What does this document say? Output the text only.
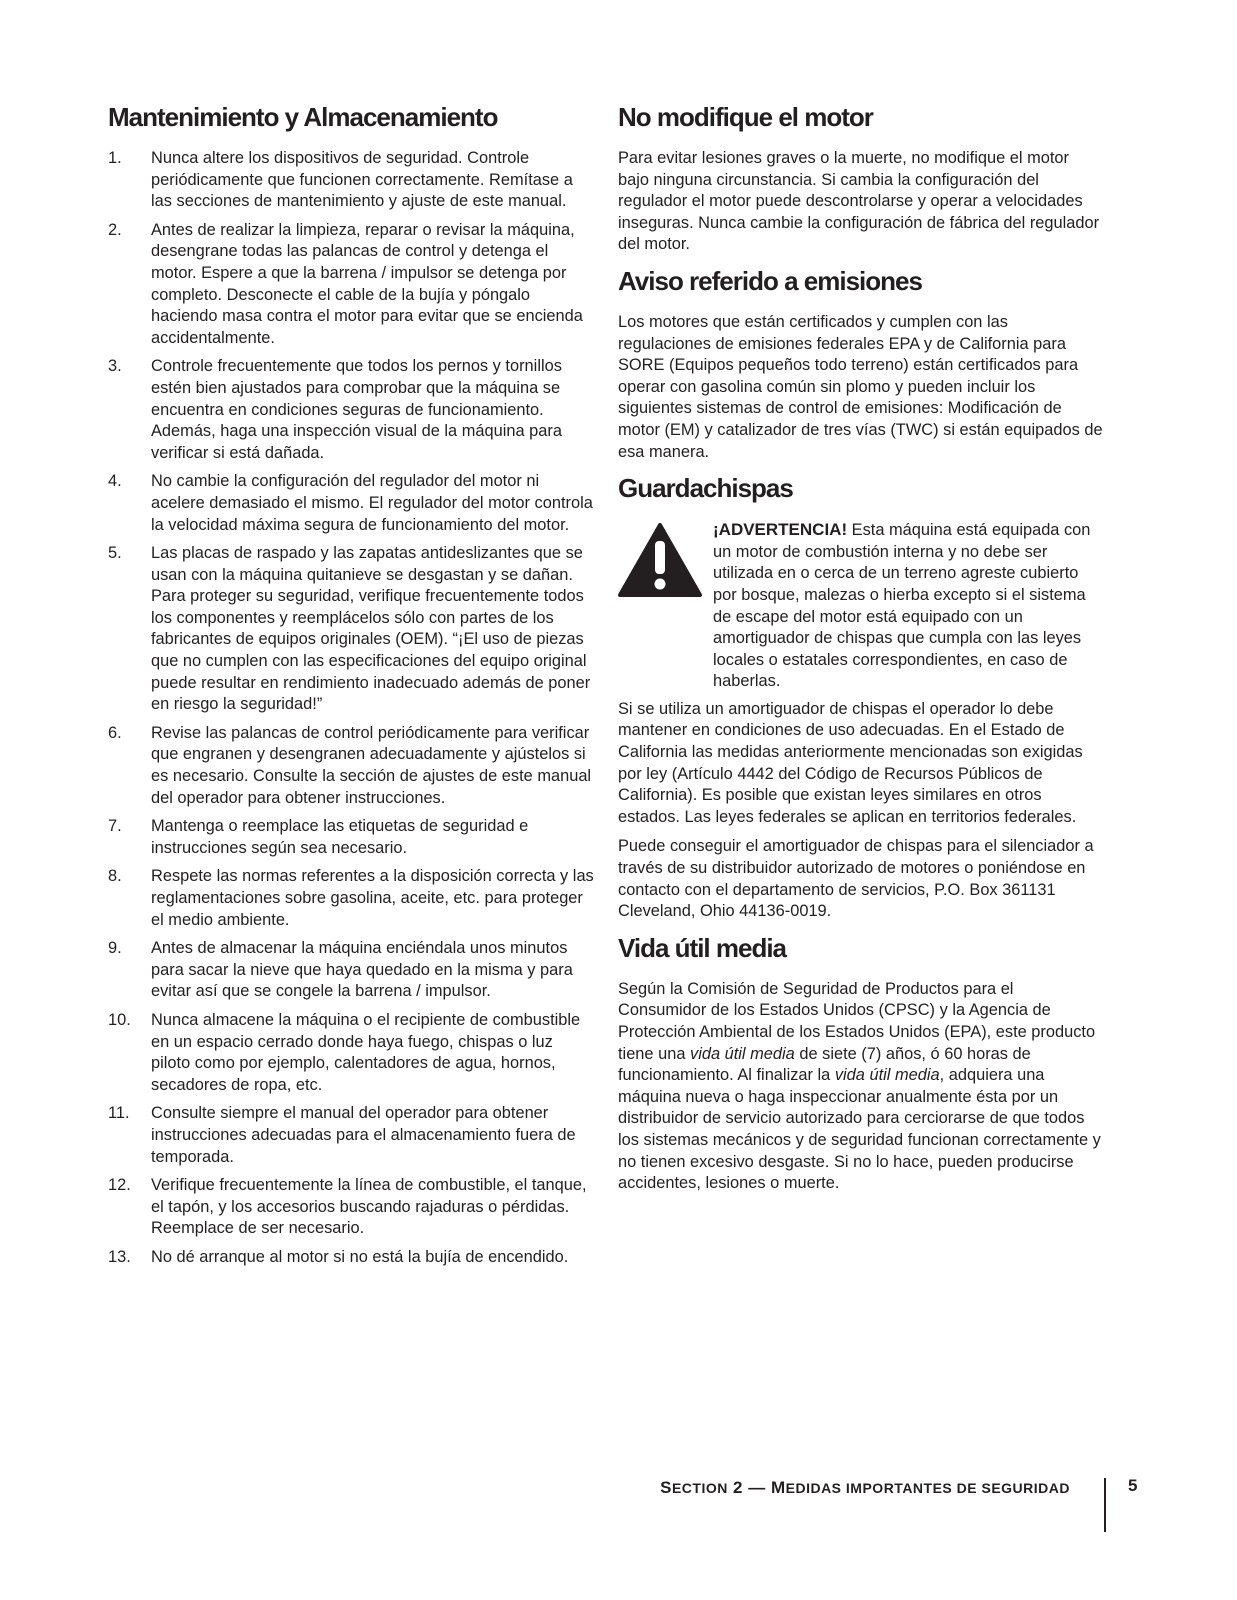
Mantenimiento y Almacenamiento
1.	Nunca altere los dispositivos de seguridad. Controle periódicamente que funcionen correctamente. Remítase a las secciones de mantenimiento y ajuste de este manual.
2.	Antes de realizar la limpieza, reparar o revisar la máquina, desengrane todas las palancas de control y detenga el motor. Espere a que la barrena / impulsor se detenga por completo. Desconecte el cable de la bujía y póngalo haciendo masa contra el motor para evitar que se encienda accidentalmente.
3.	Controle frecuentemente que todos los pernos y tornillos estén bien ajustados para comprobar que la máquina se encuentra en condiciones seguras de funcionamiento. Además, haga una inspección visual de la máquina para verificar si está dañada.
4.	No cambie la configuración del regulador del motor ni acelere demasiado el mismo. El regulador del motor controla la velocidad máxima segura de funcionamiento del motor.
5.	Las placas de raspado y las zapatas antideslizantes que se usan con la máquina quitanieve se desgastan y se dañan. Para proteger su seguridad, verifique frecuentemente todos los componentes y reemplácelos sólo con partes de los fabricantes de equipos originales (OEM). “¡El uso de piezas que no cumplen con las especificaciones del equipo original puede resultar en rendimiento inadecuado además de poner en riesgo la seguridad!”
6.	Revise las palancas de control periódicamente para verificar que engranen y desengranen adecuadamente y ajústelos si es necesario. Consulte la sección de ajustes de este manual del operador para obtener instrucciones.
7.	Mantenga o reemplace las etiquetas de seguridad e instrucciones según sea necesario.
8.	Respete las normas referentes a la disposición correcta y las reglamentaciones sobre gasolina, aceite, etc. para proteger el medio ambiente.
9.	Antes de almacenar la máquina enciéndala unos minutos para sacar la nieve que haya quedado en la misma y para evitar así que se congele la barrena / impulsor.
10.	Nunca almacene la máquina o el recipiente de combustible en un espacio cerrado donde haya fuego, chispas o luz piloto como por ejemplo, calentadores de agua, hornos, secadores de ropa, etc.
11.	Consulte siempre el manual del operador para obtener instrucciones adecuadas para el almacenamiento fuera de temporada.
12.	Verifique frecuentemente la línea de combustible, el tanque, el tapón, y los accesorios buscando rajaduras o pérdidas. Reemplace de ser necesario.
13.	No dé arranque al motor si no está la bujía de encendido.
No modifique el motor

Para evitar lesiones graves o la muerte, no modifique el motor bajo ninguna circunstancia. Si cambia la configuración del regulador el motor puede descontrolarse y operar a velocidades inseguras. Nunca cambie la configuración de fábrica del regulador del motor.

Aviso referido a emisiones

Los motores que están certificados y cumplen con las regulaciones de emisiones federales EPA y de California para SORE (Equipos pequeños todo terreno) están certificados para operar con gasolina común sin plomo y pueden incluir los siguientes sistemas de control de emisiones: Modificación de motor (EM) y catalizador de tres vías (TWC) si están equipados de esa manera.

Guardachispas
¡ADVERTENCIA! Esta máquina está equipada con un motor de combustión interna y no debe ser utilizada en o cerca de un terreno agreste cubierto por bosque, malezas o hierba excepto si el sistema de escape del motor está equipado con un amortiguador de chispas que cumpla con las leyes locales o estatales correspondientes, en caso de haberlas.

Si se utiliza un amortiguador de chispas el operador lo debe mantener en condiciones de uso adecuadas. En el Estado de California las medidas anteriormente mencionadas son exigidas por ley (Artículo 4442 del Código de Recursos Públicos de California). Es posible que existan leyes similares en otros estados. Las leyes federales se aplican en territorios federales.

Puede conseguir el amortiguador de chispas para el silenciador a través de su distribuidor autorizado de motores o poniéndose en contacto con el departamento de servicios, P.O. Box 361131 Cleveland, Ohio 44136-0019.

Vida útil media

Según la Comisión de Seguridad de Productos para el Consumidor de los Estados Unidos (CPSC) y la Agencia de Protección Ambiental de los Estados Unidos (EPA), este producto tiene una vida útil media de siete (7) años, ó 60 horas de funcionamiento. Al finalizar la vida útil media, adquiera una máquina nueva o haga inspeccionar anualmente ésta por un distribuidor de servicio autorizado para cerciorarse de que todos los sistemas mecánicos y de seguridad funcionan correctamente y no tienen excesivo desgaste. Si no lo hace, pueden producirse accidentes, lesiones o muerte.

SECTION 2 — MEDIDAS IMPORTANTES DE SEGURIDAD	5
